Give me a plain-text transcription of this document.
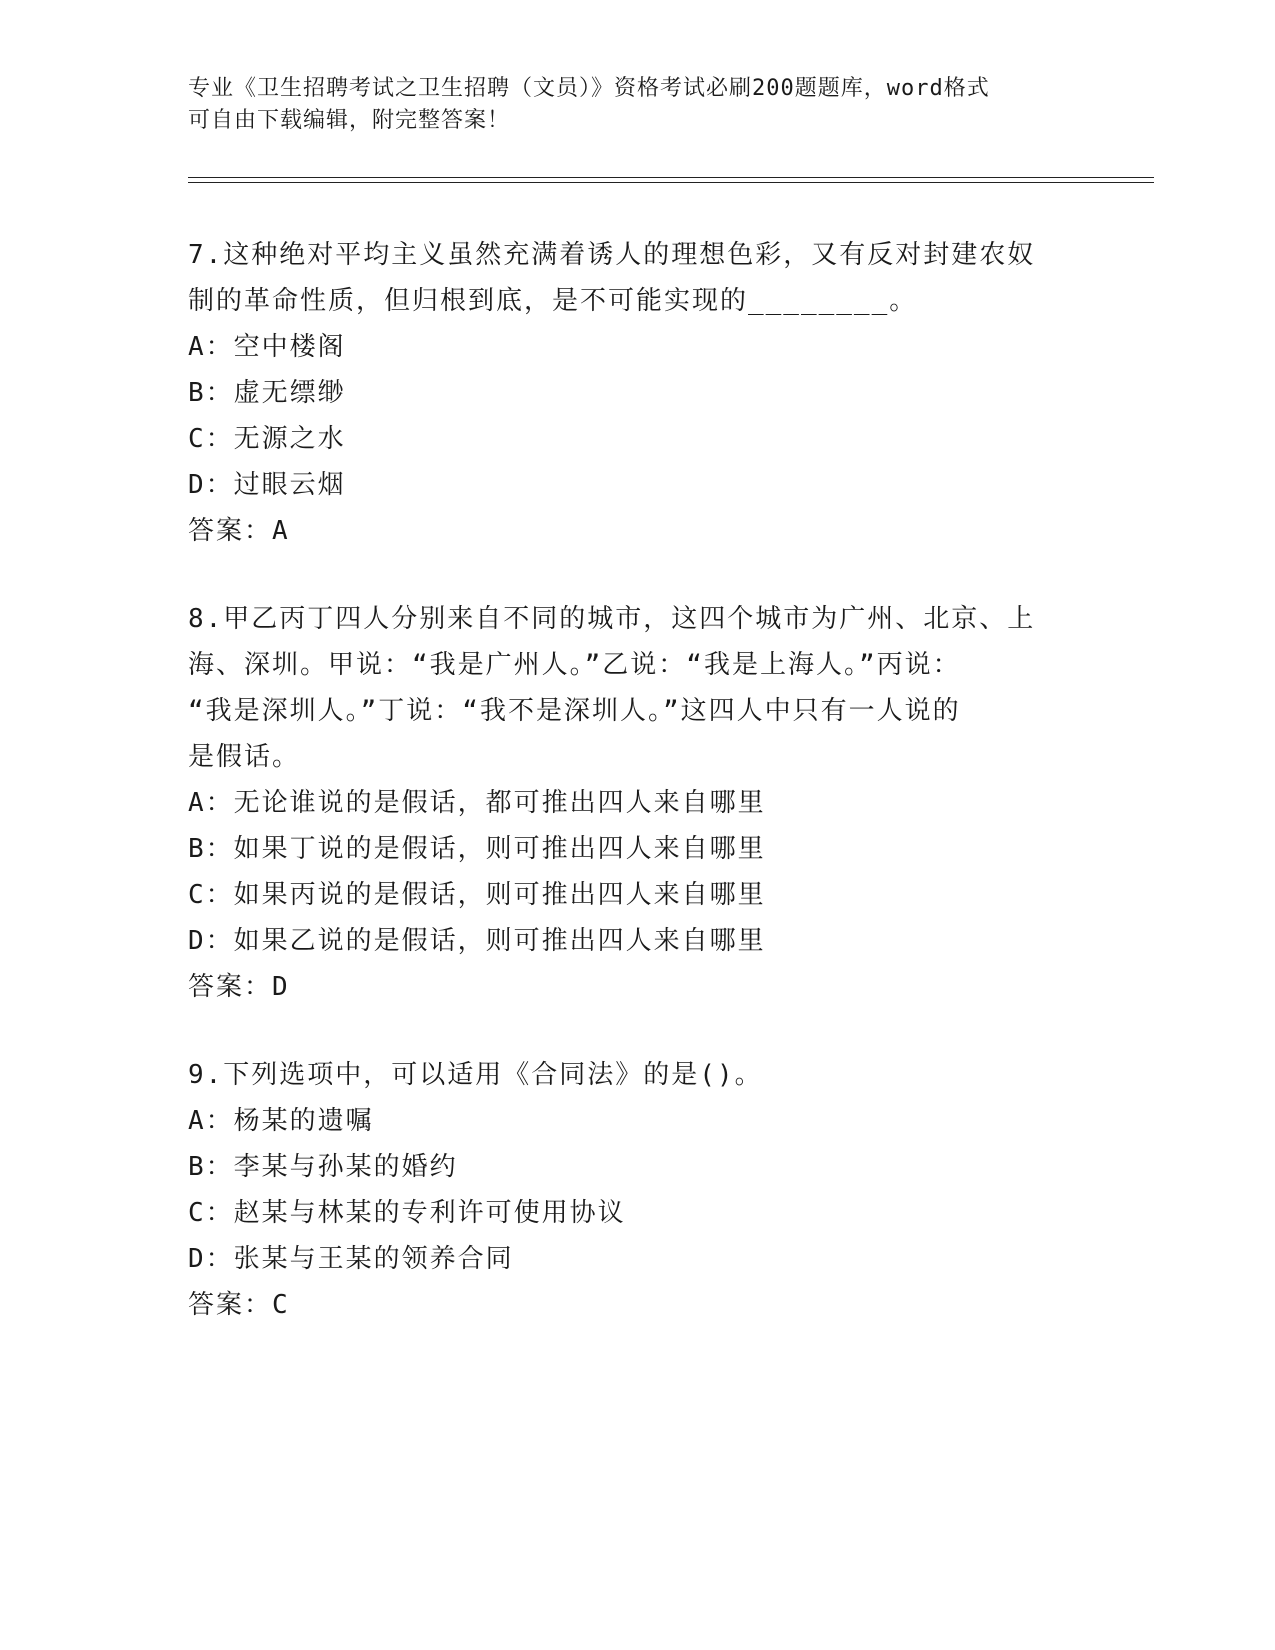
专业《卫生招聘考试之卫生招聘（文员）》资格考试必刷200题题库，word格式
可自由下载编辑，附完整答案！
7.这种绝对平均主义虽然充满着诱人的理想色彩，又有反对封建农奴
制的革命性质，但归根到底，是不可能实现的________。
A：空中楼阁
B：虚无缥缈
C：无源之水
D：过眼云烟
答案：A
8.甲乙丙丁四人分别来自不同的城市，这四个城市为广州、北京、上
海、深圳。甲说：“我是广州人。”乙说：“我是上海人。”丙说：
“我是深圳人。”丁说：“我不是深圳人。”这四人中只有一人说的
是假话。
A：无论谁说的是假话，都可推出四人来自哪里
B：如果丁说的是假话，则可推出四人来自哪里
C：如果丙说的是假话，则可推出四人来自哪里
D：如果乙说的是假话，则可推出四人来自哪里
答案：D
9.下列选项中，可以适用《合同法》的是()。
A：杨某的遗嘱
B：李某与孙某的婚约
C：赵某与林某的专利许可使用协议
D：张某与王某的领养合同
答案：C
